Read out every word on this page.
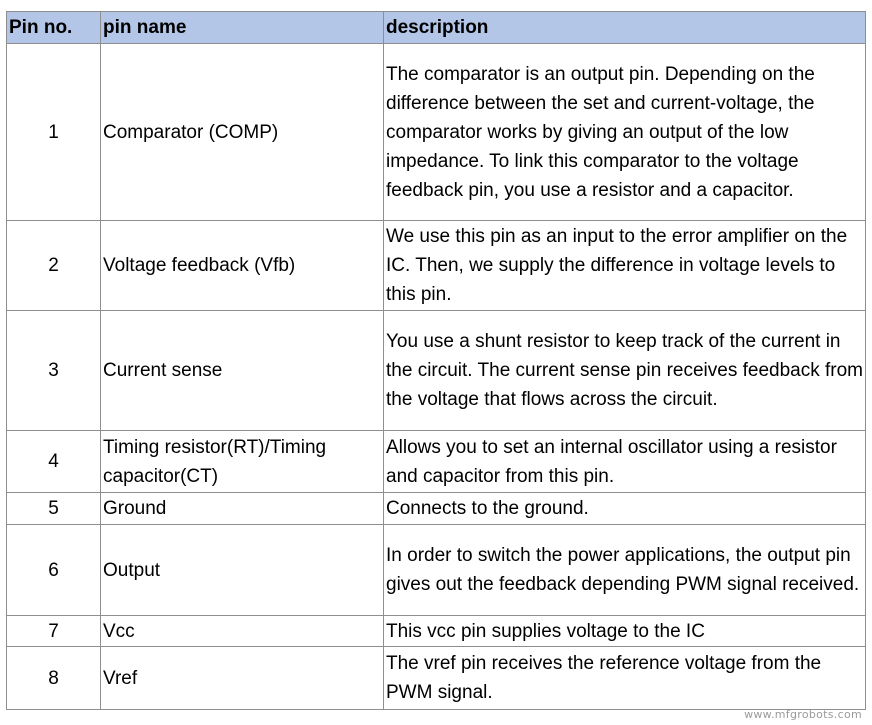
Pin no.	pin name	description
1	Comparator (COMP)	The comparator is an output pin. Depending on the difference between the set and current-voltage, the comparator works by giving an output of the low impedance. To link this comparator to the voltage feedback pin, you use a resistor and a capacitor.
2	Voltage feedback (Vfb)	We use this pin as an input to the error amplifier on the IC. Then, we supply the difference in voltage levels to this pin.
3	Current sense	You use a shunt resistor to keep track of the current in the circuit. The current sense pin receives feedback from the voltage that flows across the circuit.
4	Timing resistor(RT)/Timing capacitor(CT)	Allows you to set an internal oscillator using a resistor and capacitor from this pin.
5	Ground	Connects to the ground.
6	Output	In order to switch the power applications, the output pin gives out the feedback depending PWM signal received.
7	Vcc	This vcc pin supplies voltage to the IC
8	Vref	The vref pin receives the reference voltage from the PWM signal.
www.mfgrobots.com
